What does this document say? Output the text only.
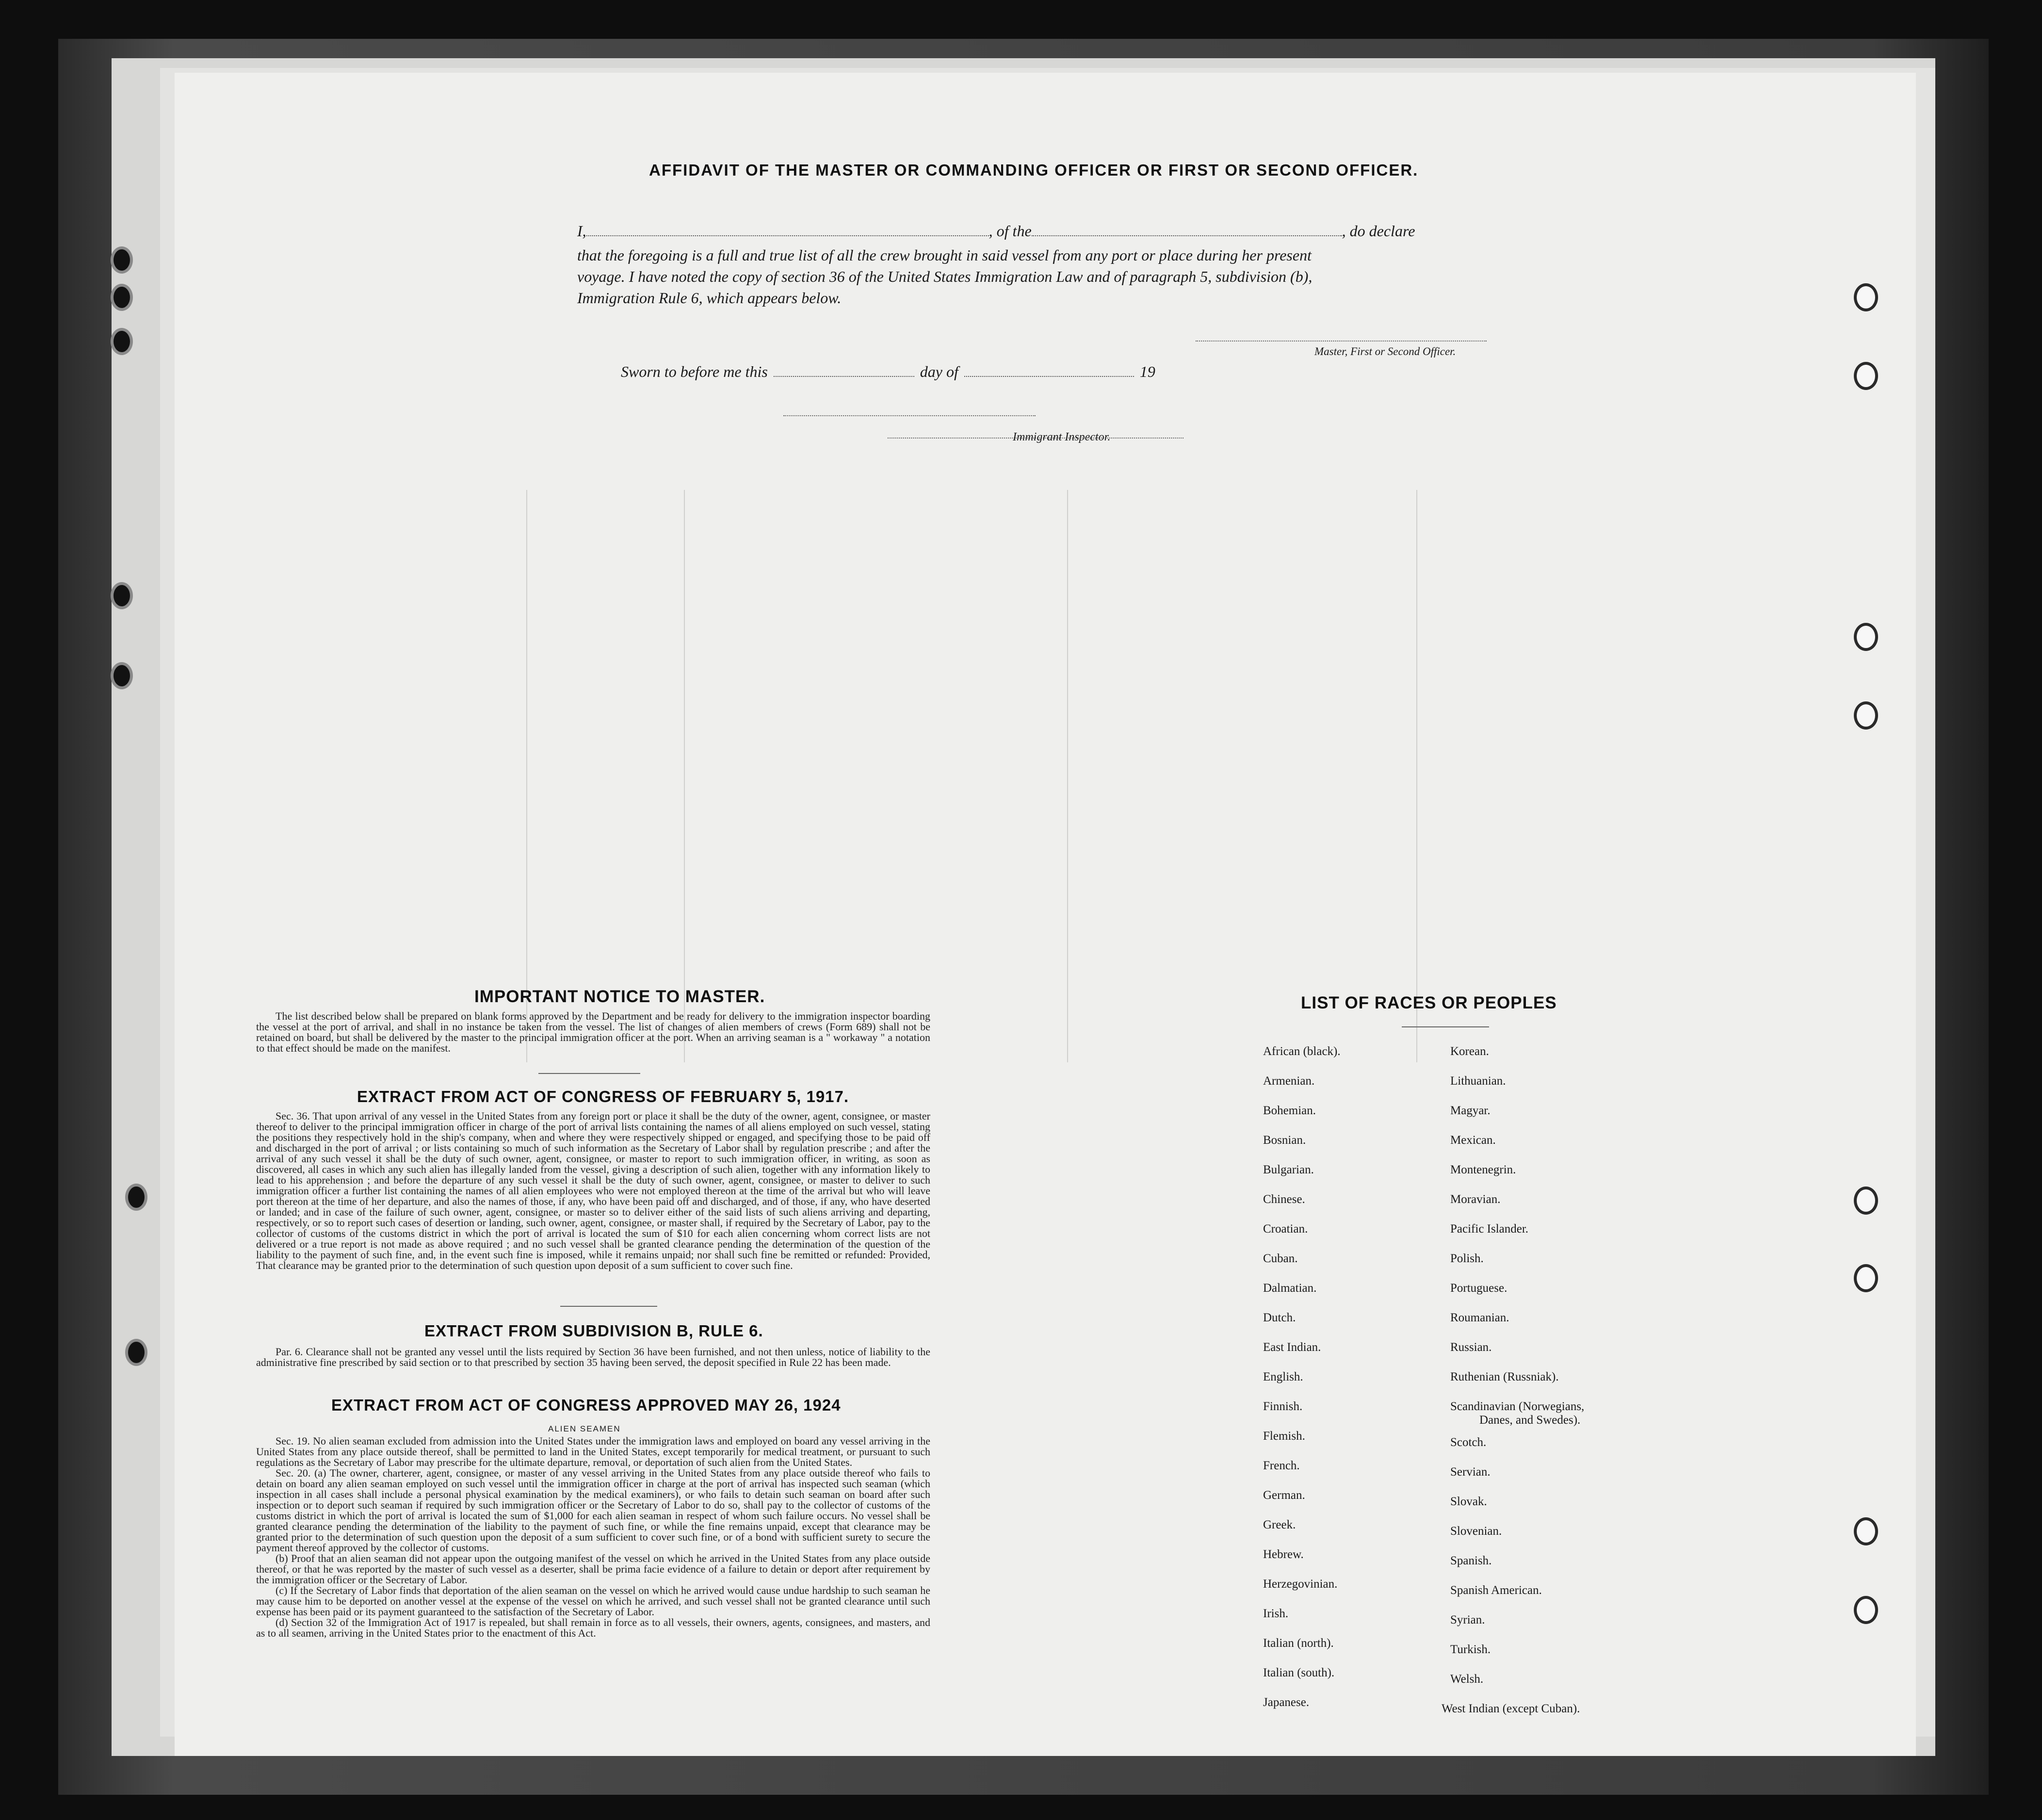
AFFIDAVIT OF THE MASTER OR COMMANDING OFFICER OR FIRST OR SECOND OFFICER.
I,	, of the	, do declare
that the foregoing is a full and true list of all the crew brought in said vessel from any port or place during her present
voyage. I have noted the copy of section 36 of the United States Immigration Law and of paragraph 5, subdivision (b),
Immigration Rule 6, which appears below.
Master, First or Second Officer.
Sworn to before me this	day of	19
Immigrant Inspector.
IMPORTANT NOTICE TO MASTER.

The list described below shall be prepared on blank forms approved by the Department and be ready for delivery to the immigration inspector boarding the vessel at the port of arrival, and shall in no instance be taken from the vessel. The list of changes of alien members of crews (Form 689) shall not be retained on board, but shall be delivered by the master to the principal immigration officer at the port. When an arriving seaman is a " workaway " a notation to that effect should be made on the manifest.

EXTRACT FROM ACT OF CONGRESS OF FEBRUARY 5, 1917.

Sec. 36. That upon arrival of any vessel in the United States from any foreign port or place it shall be the duty of the owner, agent, consignee, or master thereof to deliver to the principal immigration officer in charge of the port of arrival lists containing the names of all aliens employed on such vessel, stating the positions they respectively hold in the ship's company, when and where they were respectively shipped or engaged, and specifying those to be paid off and discharged in the port of arrival ; or lists containing so much of such information as the Secretary of Labor shall by regulation prescribe ; and after the arrival of any such vessel it shall be the duty of such owner, agent, consignee, or master to report to such immigration officer, in writing, as soon as discovered, all cases in which any such alien has illegally landed from the vessel, giving a description of such alien, together with any information likely to lead to his apprehension ; and before the departure of any such vessel it shall be the duty of such owner, agent, consignee, or master to deliver to such immigration officer a further list containing the names of all alien employees who were not employed thereon at the time of the arrival but who will leave port thereon at the time of her departure, and also the names of those, if any, who have been paid off and discharged, and of those, if any, who have deserted or landed; and in case of the failure of such owner, agent, consignee, or master so to deliver either of the said lists of such aliens arriving and departing, respectively, or so to report such cases of desertion or landing, such owner, agent, consignee, or master shall, if required by the Secretary of Labor, pay to the collector of customs of the customs district in which the port of arrival is located the sum of $10 for each alien concerning whom correct lists are not delivered or a true report is not made as above required ; and no such vessel shall be granted clearance pending the determination of the question of the liability to the payment of such fine, and, in the event such fine is imposed, while it remains unpaid; nor shall such fine be remitted or refunded: Provided, That clearance may be granted prior to the determination of such question upon deposit of a sum sufficient to cover such fine.

EXTRACT FROM SUBDIVISION B, RULE 6.

Par. 6. Clearance shall not be granted any vessel until the lists required by Section 36 have been furnished, and not then unless, notice of liability to the administrative fine prescribed by said section or to that prescribed by section 35 having been served, the deposit specified in Rule 22 has been made.

EXTRACT FROM ACT OF CONGRESS APPROVED MAY 26, 1924
ALIEN SEAMEN

Sec. 19. No alien seaman excluded from admission into the United States under the immigration laws and employed on board any vessel arriving in the United States from any place outside thereof, shall be permitted to land in the United States, except temporarily for medical treatment, or pursuant to such regulations as the Secretary of Labor may prescribe for the ultimate departure, removal, or deportation of such alien from the United States.

Sec. 20. (a) The owner, charterer, agent, consignee, or master of any vessel arriving in the United States from any place outside thereof who fails to detain on board any alien seaman employed on such vessel until the immigration officer in charge at the port of arrival has inspected such seaman (which inspection in all cases shall include a personal physical examination by the medical examiners), or who fails to detain such seaman on board after such inspection or to deport such seaman if required by such immigration officer or the Secretary of Labor to do so, shall pay to the collector of customs of the customs district in which the port of arrival is located the sum of $1,000 for each alien seaman in respect of whom such failure occurs. No vessel shall be granted clearance pending the determination of the liability to the payment of such fine, or while the fine remains unpaid, except that clearance may be granted prior to the determination of such question upon the deposit of a sum sufficient to cover such fine, or of a bond with sufficient surety to secure the payment thereof approved by the collector of customs.

(b) Proof that an alien seaman did not appear upon the outgoing manifest of the vessel on which he arrived in the United States from any place outside thereof, or that he was reported by the master of such vessel as a deserter, shall be prima facie evidence of a failure to detain or deport after requirement by the immigration officer or the Secretary of Labor.

(c) If the Secretary of Labor finds that deportation of the alien seaman on the vessel on which he arrived would cause undue hardship to such seaman he may cause him to be deported on another vessel at the expense of the vessel on which he arrived, and such vessel shall not be granted clearance until such expense has been paid or its payment guaranteed to the satisfaction of the Secretary of Labor.

(d) Section 32 of the Immigration Act of 1917 is repealed, but shall remain in force as to all vessels, their owners, agents, consignees, and masters, and as to all seamen, arriving in the United States prior to the enactment of this Act.

LIST OF RACES OR PEOPLES
African (black).
Armenian.
Bohemian.
Bosnian.
Bulgarian.
Chinese.
Croatian.
Cuban.
Dalmatian.
Dutch.
East Indian.
English.
Finnish.
Flemish.
French.
German.
Greek.
Hebrew.
Herzegovinian.
Irish.
Italian (north).
Italian (south).
Japanese.
Korean.
Lithuanian.
Magyar.
Mexican.
Montenegrin.
Moravian.
Pacific Islander.
Polish.
Portuguese.
Roumanian.
Russian.
Ruthenian (Russniak).
Scandinavian (Norwegians,
Danes, and Swedes).
Scotch.
Servian.
Slovak.
Slovenian.
Spanish.
Spanish American.
Syrian.
Turkish.
Welsh.
West Indian (except Cuban).
